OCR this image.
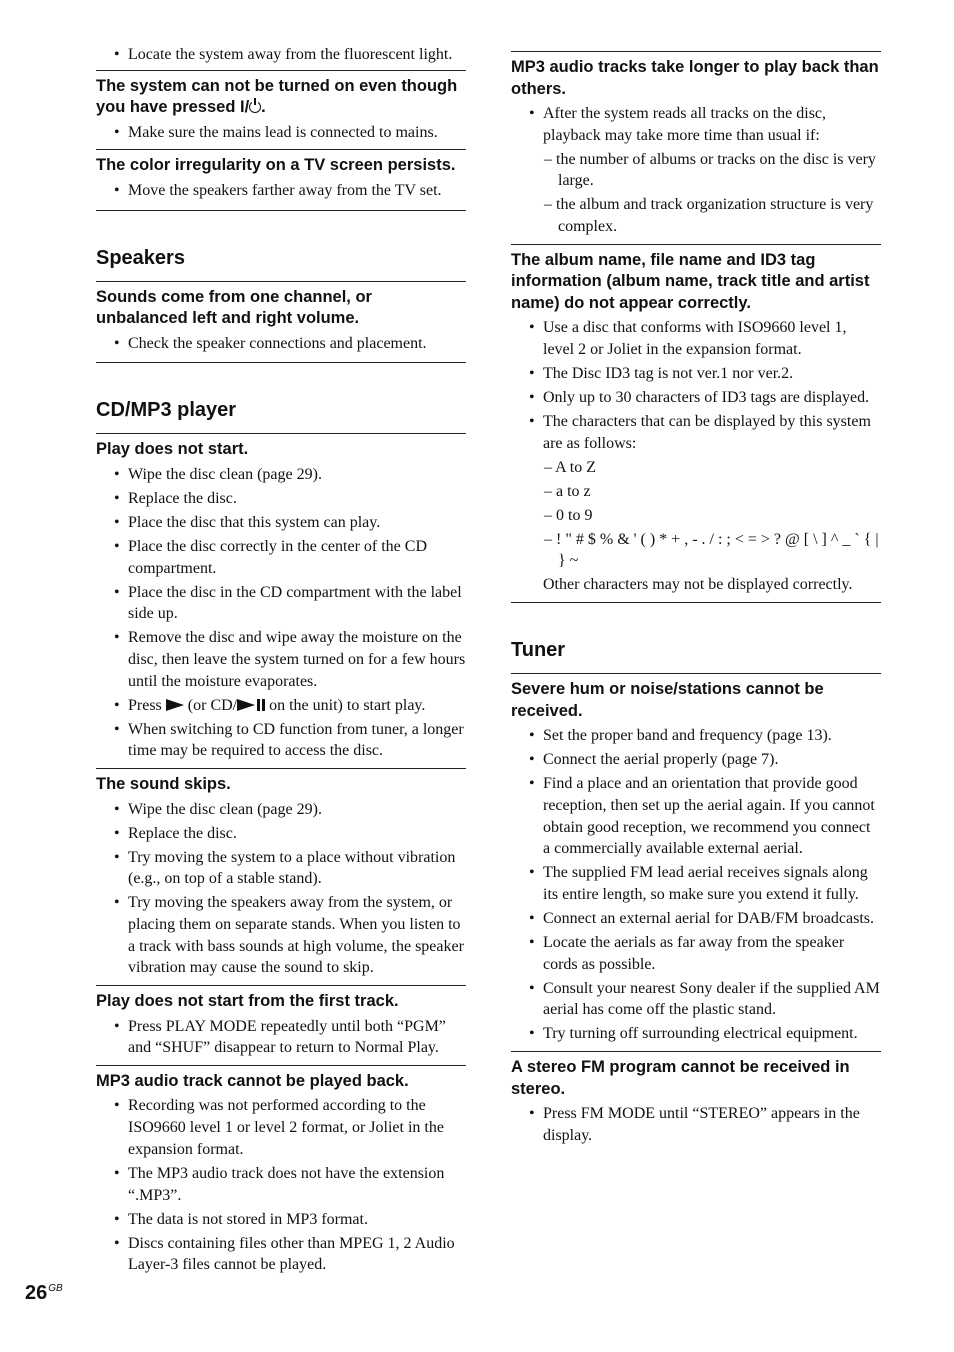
• Locate the system away from the fluorescent light.
The system can not be turned on even though you have pressed I/ .
• Make sure the mains lead is connected to mains.
The color irregularity on a TV screen persists.
• Move the speakers farther away from the TV set.
Speakers
Sounds come from one channel, or unbalanced left and right volume.
• Check the speaker connections and placement.
CD/MP3 player
Play does not start.
• Wipe the disc clean (page 29).
• Replace the disc.
• Place the disc that this system can play.
• Place the disc correctly in the center of the CD compartment.
• Place the disc in the CD compartment with the label side up.
• Remove the disc and wipe away the moisture on the disc, then leave the system turned on for a few hours until the moisture evaporates.
• Press (or CD/ on the unit) to start play.
• When switching to CD function from tuner, a longer time may be required to access the disc.
The sound skips.
• Wipe the disc clean (page 29).
• Replace the disc.
• Try moving the system to a place without vibration (e.g., on top of a stable stand).
• Try moving the speakers away from the system, or placing them on separate stands. When you listen to a track with bass sounds at high volume, the speaker vibration may cause the sound to skip.
Play does not start from the first track.
• Press PLAY MODE repeatedly until both “PGM” and “SHUF” disappear to return to Normal Play.
MP3 audio track cannot be played back.
• Recording was not performed according to the ISO9660 level 1 or level 2 format, or Joliet in the expansion format.
• The MP3 audio track does not have the extension “.MP3”.
• The data is not stored in MP3 format.
• Discs containing files other than MPEG 1, 2 Audio Layer-3 files cannot be played.
MP3 audio tracks take longer to play back than others.
• After the system reads all tracks on the disc, playback may take more time than usual if:
– the number of albums or tracks on the disc is very large.
– the album and track organization structure is very complex.
The album name, file name and ID3 tag information (album name, track title and artist name) do not appear correctly.
• Use a disc that conforms with ISO9660 level 1, level 2 or Joliet in the expansion format.
• The Disc ID3 tag is not ver.1 nor ver.2.
• Only up to 30 characters of ID3 tags are displayed.
• The characters that can be displayed by this system are as follows:
– A to Z
– a to z
– 0 to 9
– ! " # $ % & ' ( ) * + , - . / : ; < = > ? @ [ \ ] ^ _ ` { | } ~
Other characters may not be displayed correctly.
Tuner
Severe hum or noise/stations cannot be received.
• Set the proper band and frequency (page 13).
• Connect the aerial properly (page 7).
• Find a place and an orientation that provide good reception, then set up the aerial again. If you cannot obtain good reception, we recommend you connect a commercially available external aerial.
• The supplied FM lead aerial receives signals along its entire length, so make sure you extend it fully.
• Connect an external aerial for DAB/FM broadcasts.
• Locate the aerials as far away from the speaker cords as possible.
• Consult your nearest Sony dealer if the supplied AM aerial has come off the plastic stand.
• Try turning off surrounding electrical equipment.
A stereo FM program cannot be received in stereo.
• Press FM MODE until “STEREO” appears in the display.
$26^{GB}$
